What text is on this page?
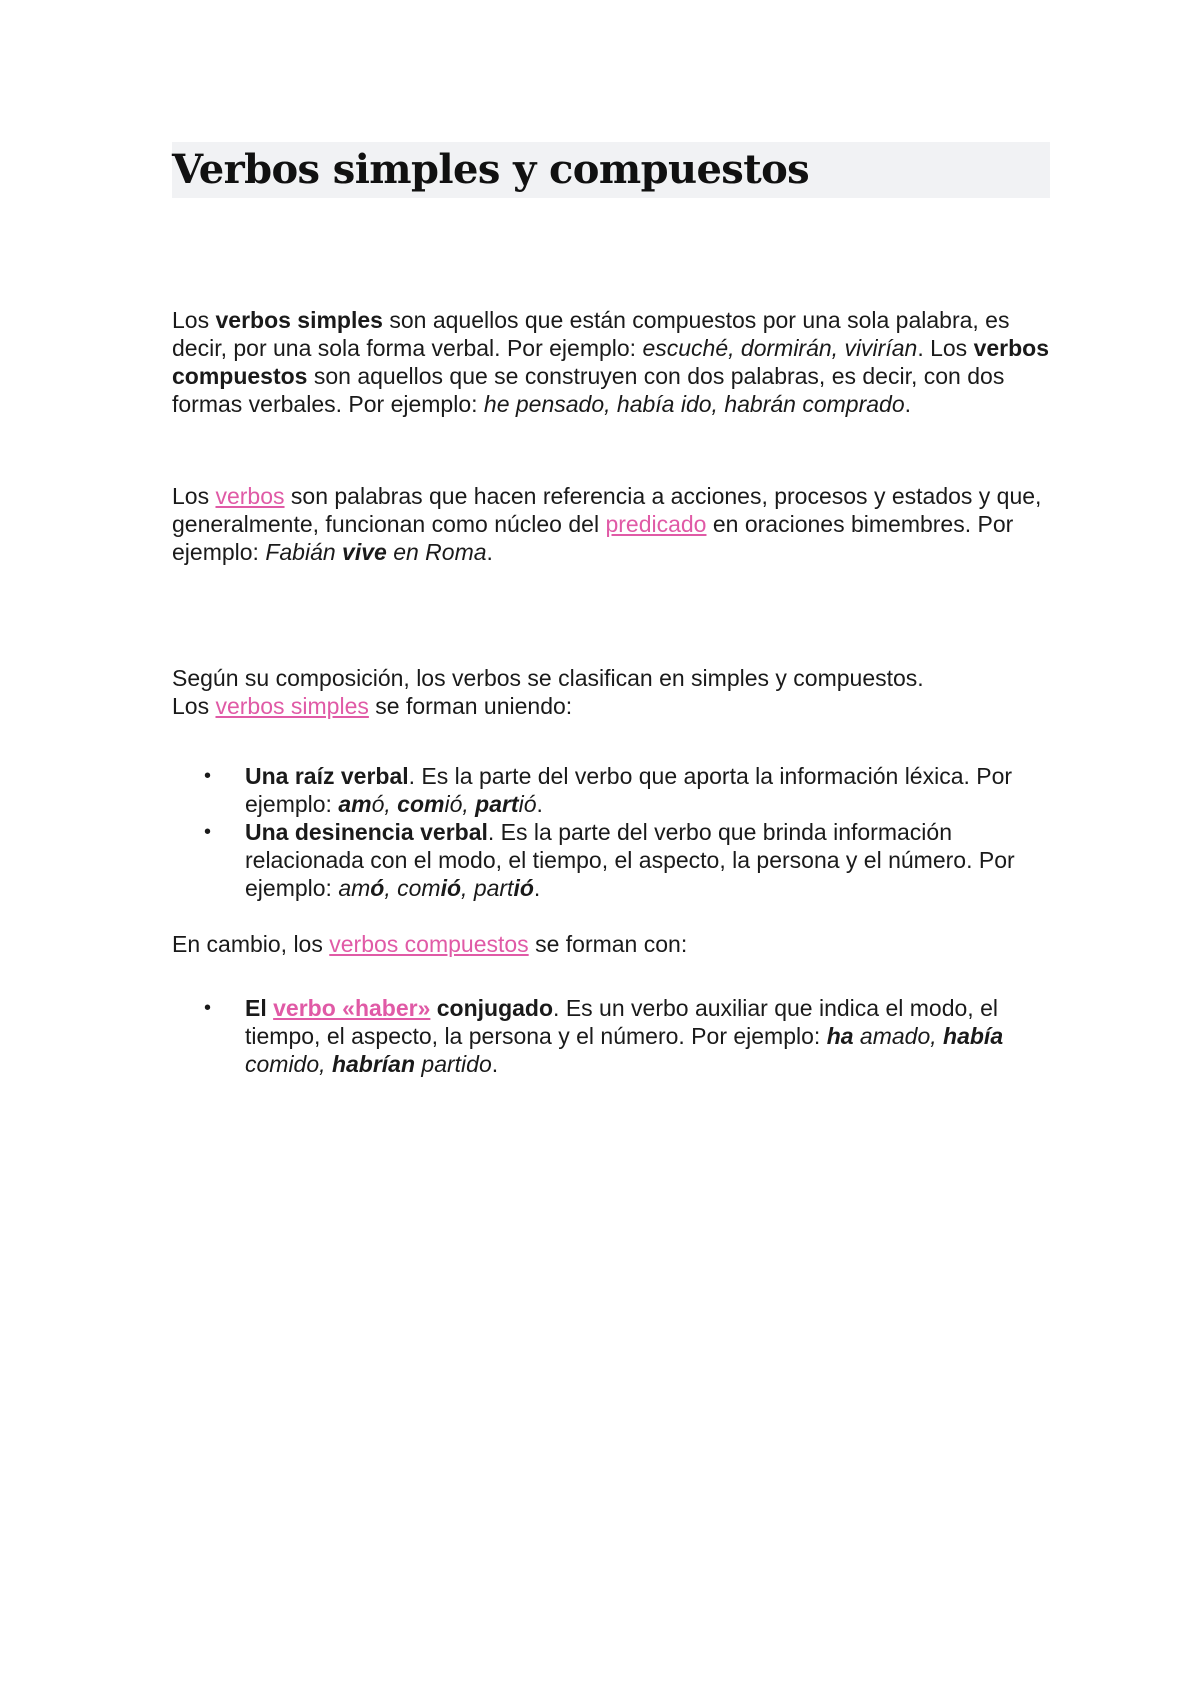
Verbos simples y compuestos

Los verbos simples son aquellos que están compuestos por una sola palabra, es decir, por una sola forma verbal. Por ejemplo: escuché, dormirán, vivirían. Los verbos compuestos son aquellos que se construyen con dos palabras, es decir, con dos formas verbales. Por ejemplo: he pensado, había ido, habrán comprado.

Los verbos son palabras que hacen referencia a acciones, procesos y estados y que, generalmente, funcionan como núcleo del predicado en oraciones bimembres. Por ejemplo: Fabián vive en Roma.

Según su composición, los verbos se clasifican en simples y compuestos.

Los verbos simples se forman uniendo:

• Una raíz verbal. Es la parte del verbo que aporta la información léxica. Por ejemplo: amó, comió, partió.
• Una desinencia verbal. Es la parte del verbo que brinda información relacionada con el modo, el tiempo, el aspecto, la persona y el número. Por ejemplo: amó, comió, partió.

En cambio, los verbos compuestos se forman con:

• El verbo «haber» conjugado. Es un verbo auxiliar que indica el modo, el tiempo, el aspecto, la persona y el número. Por ejemplo: ha amado, había comido, habrían partido.
